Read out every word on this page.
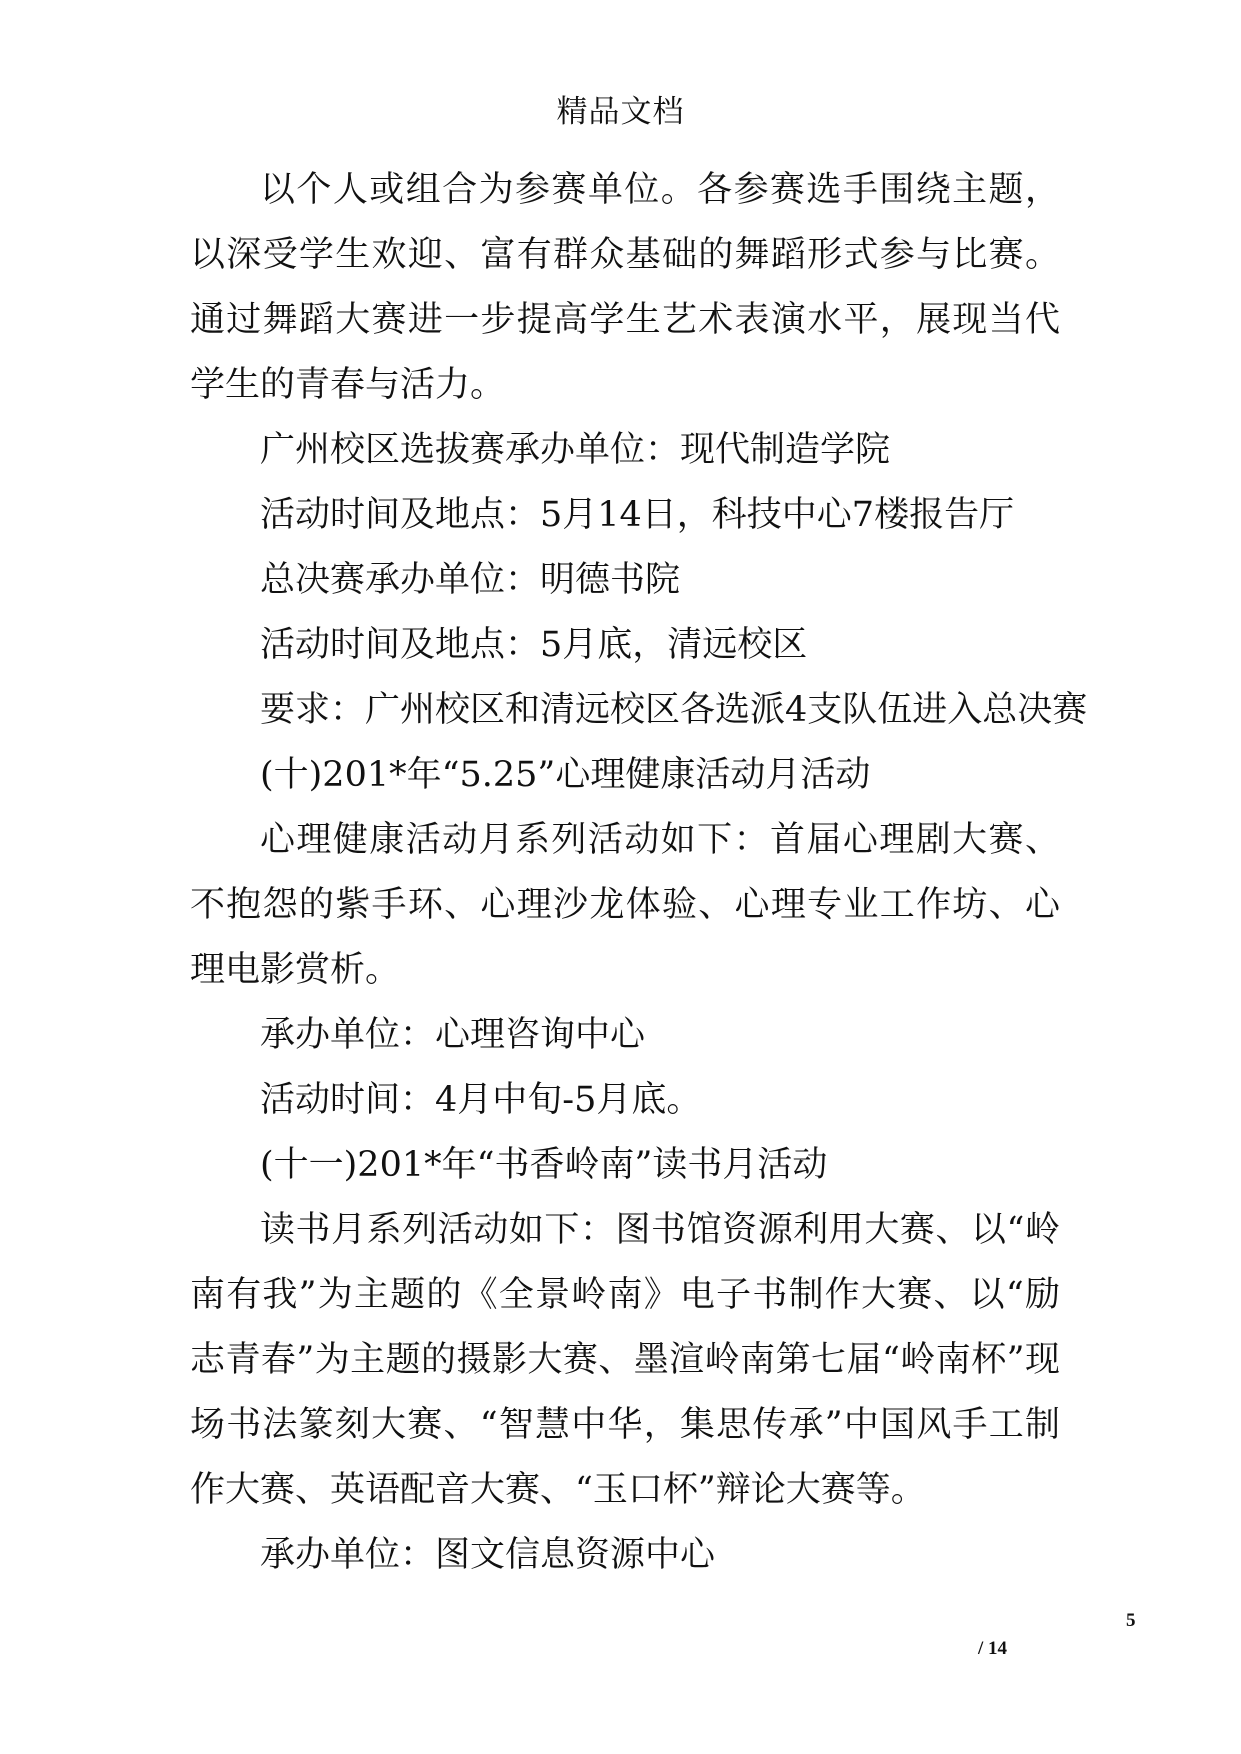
精品文档

以个人或组合为参赛单位。各参赛选手围绕主题，以深受学生欢迎、富有群众基础的舞蹈形式参与比赛。通过舞蹈大赛进一步提高学生艺术表演水平，展现当代学生的青春与活力。

广州校区选拔赛承办单位：现代制造学院

活动时间及地点：5月14日，科技中心7楼报告厅

总决赛承办单位：明德书院

活动时间及地点：5月底，清远校区

要求：广州校区和清远校区各选派4支队伍进入总决赛

(十)201*年“5.25”心理健康活动月活动

心理健康活动月系列活动如下：首届心理剧大赛、不抱怨的紫手环、心理沙龙体验、心理专业工作坊、心理电影赏析。

承办单位：心理咨询中心

活动时间：4月中旬-5月底。

(十一)201*年“书香岭南”读书月活动

读书月系列活动如下：图书馆资源利用大赛、以“岭南有我”为主题的《全景岭南》电子书制作大赛、以“励志青春”为主题的摄影大赛、墨渲岭南第七届“岭南杯”现场书法篆刻大赛、“智慧中华，集思传承”中国风手工制作大赛、英语配音大赛、“玉口杯”辩论大赛等。

承办单位：图文信息资源中心

5
/ 14
